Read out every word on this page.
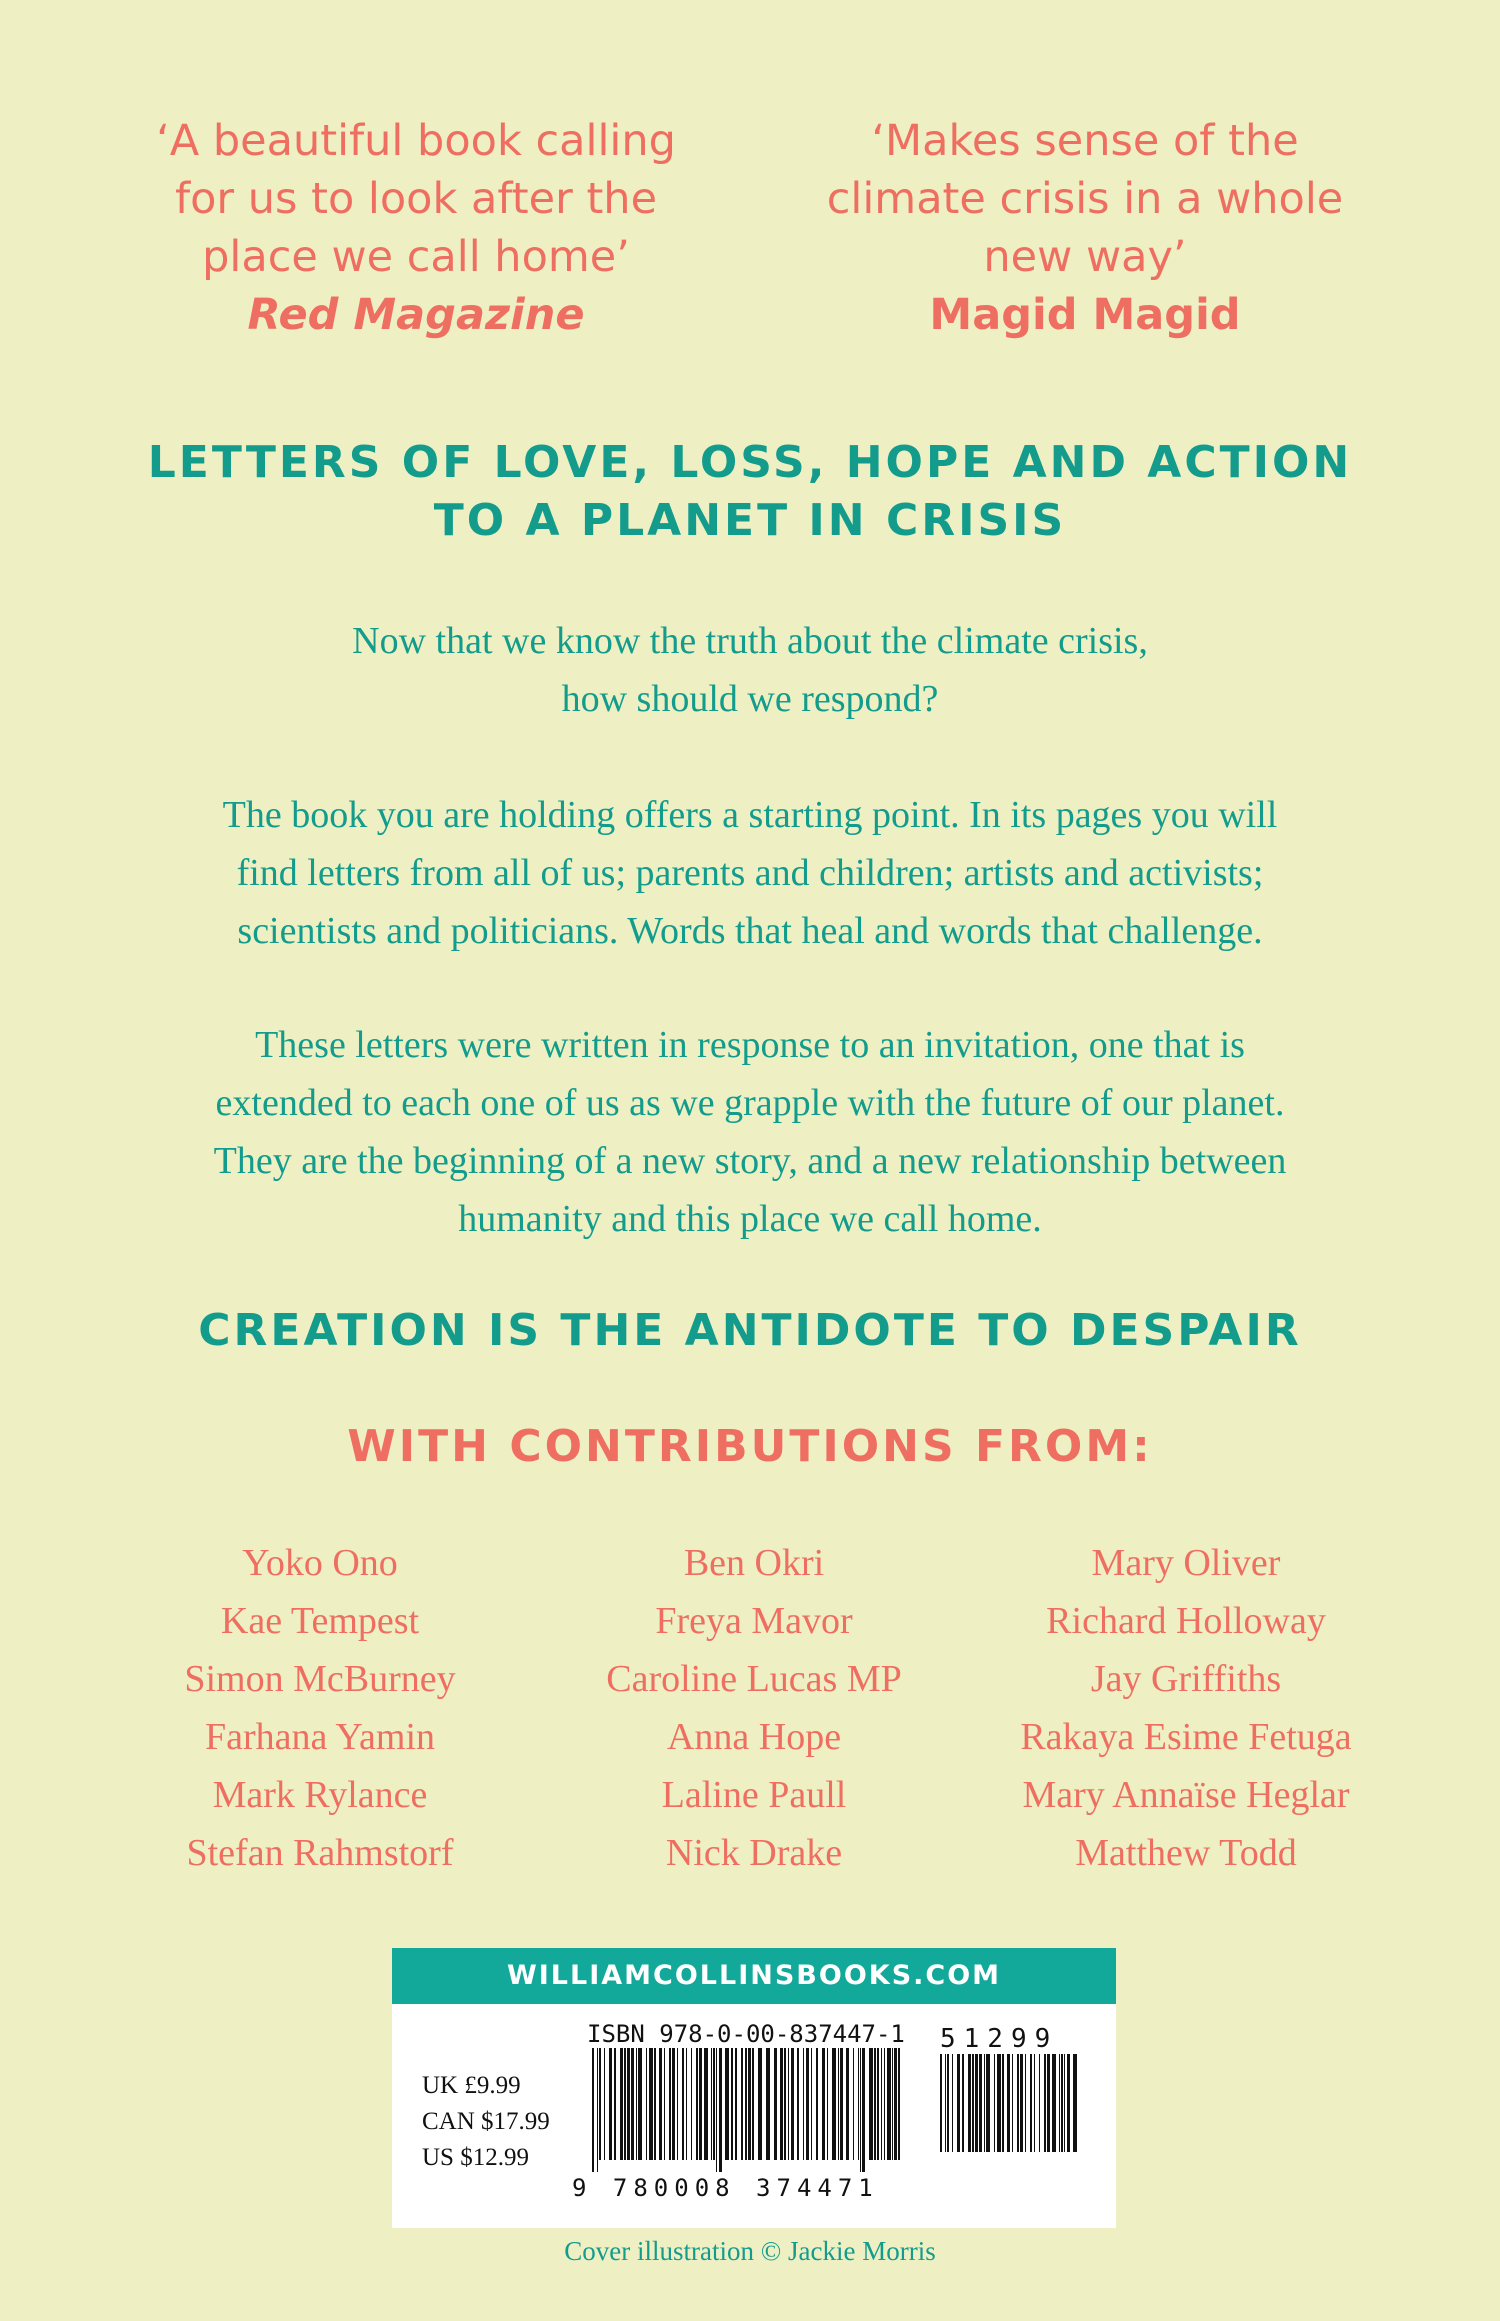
‘A beautiful book calling
for us to look after the
place we call home’
Red Magazine
‘Makes sense of the
climate crisis in a whole
new way’
Magid Magid
LETTERS OF LOVE, LOSS, HOPE AND ACTION
TO A PLANET IN CRISIS
Now that we know the truth about the climate crisis,
how should we respond?
The book you are holding offers a starting point. In its pages you will
find letters from all of us; parents and children; artists and activists;
scientists and politicians. Words that heal and words that challenge.
These letters were written in response to an invitation, one that is
extended to each one of us as we grapple with the future of our planet.
They are the beginning of a new story, and a new relationship between
humanity and this place we call home.
CREATION IS THE ANTIDOTE TO DESPAIR
WITH CONTRIBUTIONS FROM:
Yoko Ono
Kae Tempest
Simon McBurney
Farhana Yamin
Mark Rylance
Stefan Rahmstorf
Ben Okri
Freya Mavor
Caroline Lucas MP
Anna Hope
Laline Paull
Nick Drake
Mary Oliver
Richard Holloway
Jay Griffiths
Rakaya Esime Fetuga
Mary Annaïse Heglar
Matthew Todd
WILLIAMCOLLINSBOOKS.COM
ISBN 978-0-00-837447-1
UK £9.99
CAN $17.99
US $12.99
9 780008 374471
51299
Cover illustration © Jackie Morris
